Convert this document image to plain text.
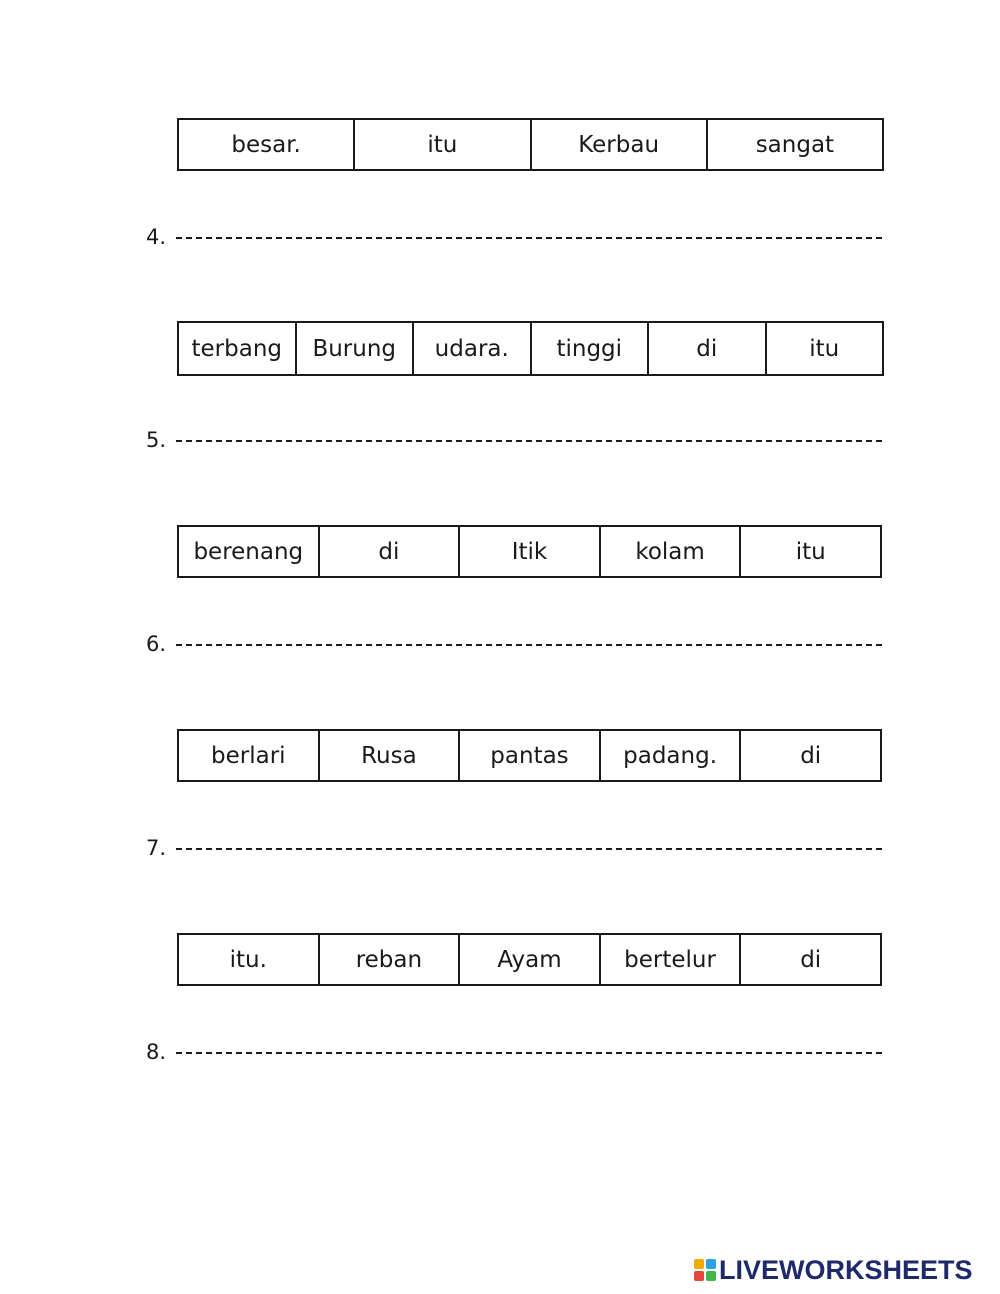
besar.	itu	Kerbau	sangat
4.
terbang	Burung	udara.	tinggi	di	itu
5.
berenang	di	Itik	kolam	itu
6.
berlari	Rusa	pantas	padang.	di
7.
itu.	reban	Ayam	bertelur	di
8.
LIVEWORKSHEETS
